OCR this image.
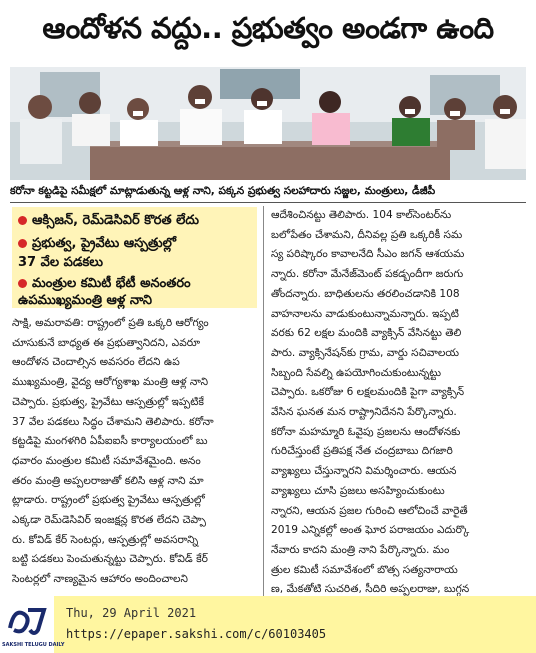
ఆందోళన వద్దు.. ప్రభుత్వం అండగా ఉంది
కరోనా కట్టడిపై సమీక్షలో మాట్లాడుతున్న ఆళ్ల నాని, పక్కన ప్రభుత్వ సలహాదారు సజ్జల, మంత్రులు, డీజీపీ
ఆక్సిజన్, రెమ్‌డెసివిర్ కొరత లేదు
ప్రభుత్వ, ప్రైవేటు ఆస్పత్రుల్లో
37 వేల పడకలు
మంత్రుల కమిటీ భేటీ అనంతరం
ఉపముఖ్యమంత్రి ఆళ్ల నాని

సాక్షి, అమరావతి: రాష్ట్రంలో ప్రతి ఒక్కరి ఆరోగ్యం

చూసుకునే బాధ్యత ఈ ప్రభుత్వానిదని, ఎవరూ

ఆందోళన చెందాల్సిన అవసరం లేదని ఉప

ముఖ్యమంత్రి, వైద్య ఆరోగ్యశాఖ మంత్రి ఆళ్ల నాని

చెప్పారు. ప్రభుత్వ, ప్రైవేటు ఆస్పత్రుల్లో ఇప్పటికే

37 వేల పడకలు సిద్ధం చేశామని తెలిపారు. కరోనా

కట్టడిపై మంగళగిరి ఏపీఐఐసీ కార్యాలయంలో బు

ధవారం మంత్రుల కమిటీ సమావేశమైంది. అనం

తరం మంత్రి అప్పలరాజుతో కలిసి ఆళ్ల నాని మా

ట్లాడారు. రాష్ట్రంలో ప్రభుత్వ ప్రైవేటు ఆస్పత్రుల్లో

ఎక్కడా రెమ్‌డెసివిర్ ఇంజక్షన్ల కొరత లేదని చెప్పా

రు. కోవిడ్ కేర్ సెంటర్లు, ఆస్పత్రుల్లో అవసరాన్ని

బట్టి పడకలు పెంచుతున్నట్టు చెప్పారు. కోవిడ్ కేర్

సెంటర్లలో నాణ్యమైన ఆహారం అందించాలని

ఆదేశించినట్టు తెలిపారు. 104 కాల్‌సెంటర్‌ను

బలోపేతం చేశామని, దీనివల్ల ప్రతి ఒక్కరికీ సమ

స్య పరిష్కారం కావాలనేది సీఎం జగన్ ఆశయమ

న్నారు. కరోనా మేనేజ్‌మెంట్ పకడ్బందీగా జరుగు

తోందన్నారు. బాధితులను తరలించడానికి 108

వాహనాలను వాడుకుంటున్నామన్నారు. ఇప్పటి

వరకు 62 లక్షల మందికి వ్యాక్సిన్ వేసినట్టు తెలి

పారు. వ్యాక్సినేషన్‌కు గ్రామ, వార్డు సచివాలయ

సిబ్బంది సేవల్ని ఉపయోగించుకుంటున్నట్టు

చెప్పారు. ఒకరోజు 6 లక్షలమందికి పైగా వ్యాక్సిన్

వేసిన ఘనత మన రాష్ట్రానిదేనని పేర్కొన్నారు.

కరోనా మహమ్మారి ఓవైపు ప్రజలను ఆందోళనకు

గురిచేస్తుంటే ప్రతిపక్ష నేత చంద్రబాబు దిగజారి

వ్యాఖ్యలు చేస్తున్నారని విమర్శించారు. ఆయన

వ్యాఖ్యలు చూసి ప్రజలు అసహ్యించుకుంటు

న్నారని, ఆయన ప్రజల గురించి ఆలోచించే వారైతే

2019 ఎన్నికల్లో అంత ఘోర పరాజయం ఎదుర్కొ

నేవారు కాదని మంత్రి నాని పేర్కొన్నారు. మం

త్రుల కమిటీ సమావేశంలో బొత్స సత్యనారాయ

ణ, మేకతోటి సుచరిత, సీదిరి అప్పలరాజు, బుగ్గన

SAKSHI TELUGU DAILY
Thu, 29 April 2021
https://epaper.sakshi.com/c/60103405
